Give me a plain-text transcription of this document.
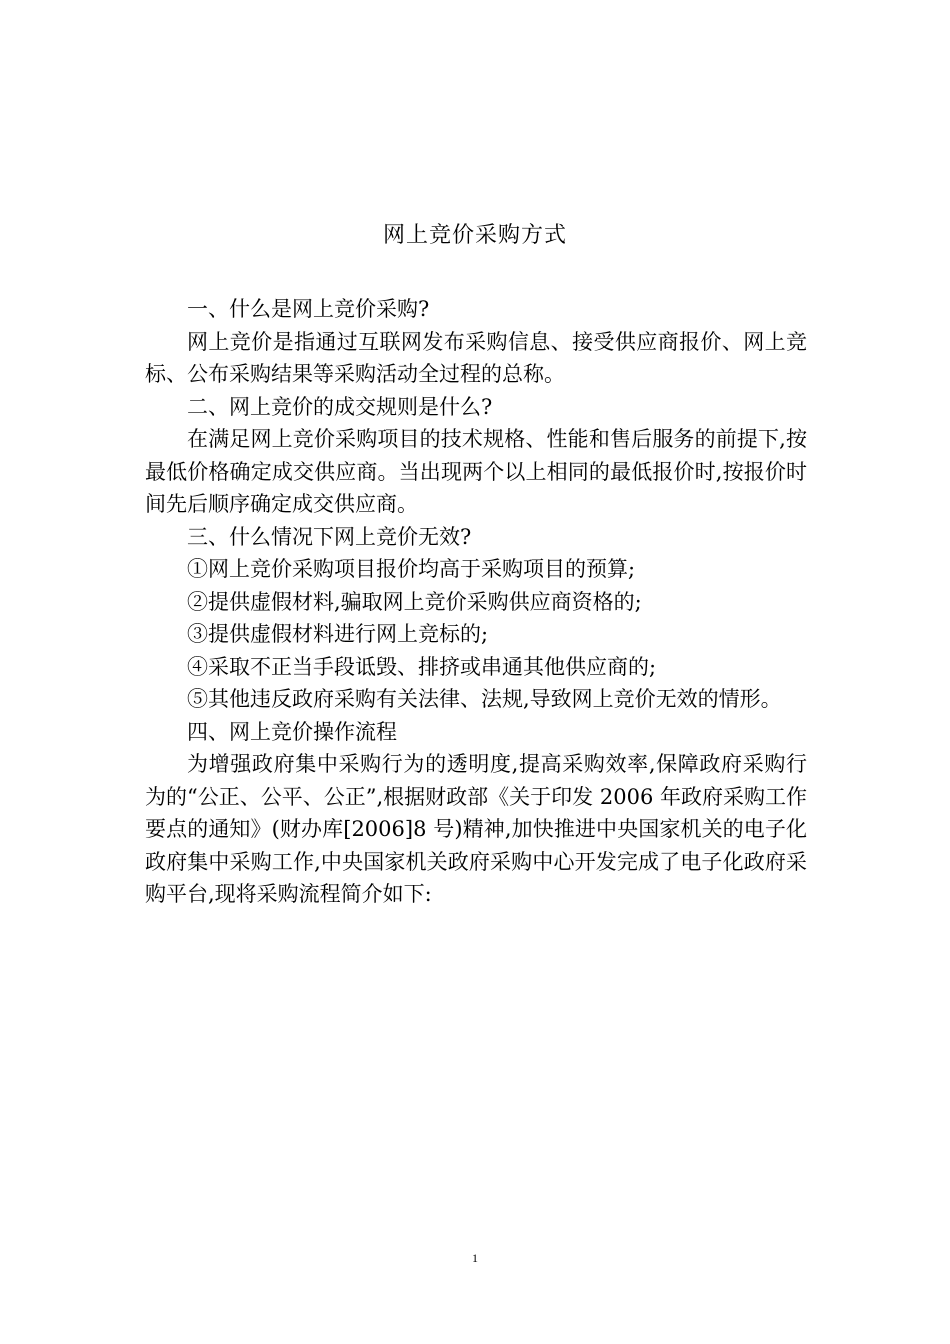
网上竞价采购方式

一、什么是网上竞价采购?

网上竞价是指通过互联网发布采购信息、接受供应商报价、网上竞标、公布采购结果等采购活动全过程的总称。

二、网上竞价的成交规则是什么?

在满足网上竞价采购项目的技术规格、性能和售后服务的前提下,按最低价格确定成交供应商。当出现两个以上相同的最低报价时,按报价时间先后顺序确定成交供应商。

三、什么情况下网上竞价无效?

①网上竞价采购项目报价均高于采购项目的预算;

②提供虚假材料,骗取网上竞价采购供应商资格的;

③提供虚假材料进行网上竞标的;

④采取不正当手段诋毁、排挤或串通其他供应商的;

⑤其他违反政府采购有关法律、法规,导致网上竞价无效的情形。

四、网上竞价操作流程

为增强政府集中采购行为的透明度,提高采购效率,保障政府采购行为的“公正、公平、公正”,根据财政部《关于印发 2006 年政府采购工作要点的通知》(财办库[2006]8 号)精神,加快推进中央国家机关的电子化政府集中采购工作,中央国家机关政府采购中心开发完成了电子化政府采购平台,现将采购流程简介如下:

1
